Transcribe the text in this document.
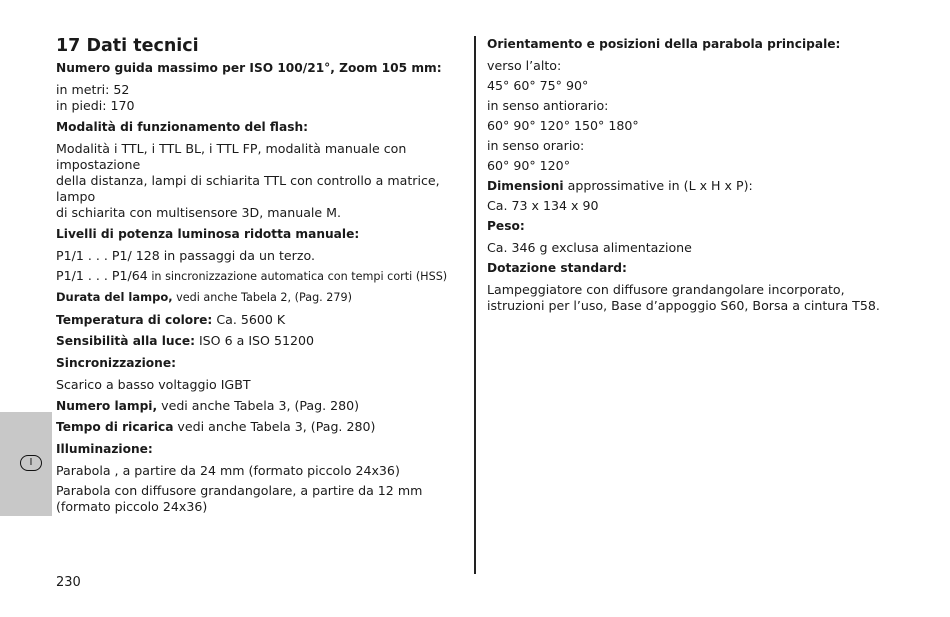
I
17 Dati tecnici
Numero guida massimo per ISO 100/21°, Zoom 105 mm:
in metri: 52
in piedi: 170
Modalità di funzionamento del flash:
Modalità i TTL, i TTL BL, i TTL FP, modalità manuale con impostazione
della distanza, lampi di schiarita TTL con controllo a matrice, lampo
di schiarita con multisensore 3D, manuale M.
Livelli di potenza luminosa ridotta manuale:
P1/1 . . . P1/ 128 in passaggi da un terzo.
P1/1 . . . P1/64 in sincronizzazione automatica con tempi corti (HSS)
Durata del lampo, vedi anche Tabela 2, (Pag. 279)
Temperatura di colore: Ca. 5600 K
Sensibilità alla luce: ISO 6 a ISO 51200
Sincronizzazione:
Scarico a basso voltaggio IGBT
Numero lampi, vedi anche Tabela 3, (Pag. 280)
Tempo di ricarica vedi anche Tabela 3, (Pag. 280)
Illuminazione:
Parabola , a partire da 24 mm (formato piccolo 24x36)
Parabola con diffusore grandangolare, a partire da 12 mm
(formato piccolo 24x36)
Orientamento e posizioni della parabola principale:
verso l’alto:
45° 60° 75° 90°
in senso antiorario:
60° 90° 120° 150° 180°
in senso orario:
60° 90° 120°
Dimensioni approssimative in (L x H x P):
Ca. 73 x 134 x 90
Peso:
Ca. 346 g exclusa alimentazione
Dotazione standard:
Lampeggiatore con diffusore grandangolare incorporato,
istruzioni per l’uso, Base d’appoggio S60, Borsa a cintura T58.
230
